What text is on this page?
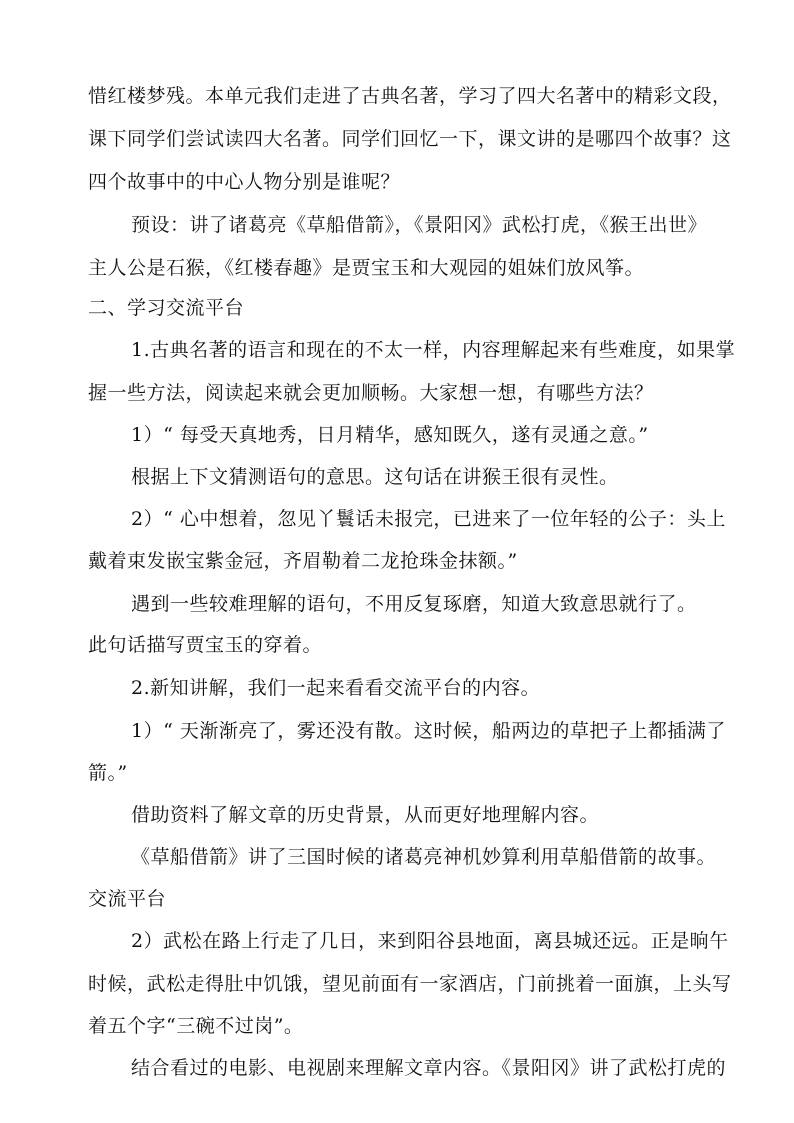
惜红楼梦残。本单元我们走进了古典名著，学习了四大名著中的精彩文段，
课下同学们尝试读四大名著。同学们回忆一下，课文讲的是哪四个故事？这
四个故事中的中心人物分别是谁呢？
预设：讲了诸葛亮《草船借箭》，《景阳冈》武松打虎，《猴王出世》
主人公是石猴，《红楼春趣》是贾宝玉和大观园的姐妹们放风筝。
二、学习交流平台
1.古典名著的语言和现在的不太一样，内容理解起来有些难度，如果掌
握一些方法，阅读起来就会更加顺畅。大家想一想，有哪些方法？
1）“ 每受天真地秀，日月精华，感知既久，遂有灵通之意。”
根据上下文猜测语句的意思。这句话在讲猴王很有灵性。
2）“ 心中想着，忽见丫鬟话未报完，已进来了一位年轻的公子：头上
戴着束发嵌宝紫金冠，齐眉勒着二龙抢珠金抹额。”
遇到一些较难理解的语句，不用反复琢磨，知道大致意思就行了。
此句话描写贾宝玉的穿着。
2.新知讲解，我们一起来看看交流平台的内容。
1）“ 天渐渐亮了，雾还没有散。这时候，船两边的草把子上都插满了
箭。”
借助资料了解文章的历史背景，从而更好地理解内容。
《草船借箭》讲了三国时候的诸葛亮神机妙算利用草船借箭的故事。
交流平台
2）武松在路上行走了几日，来到阳谷县地面，离县城还远。正是晌午
时候，武松走得肚中饥饿，望见前面有一家酒店，门前挑着一面旗，上头写
着五个字“三碗不过岗”。
结合看过的电影、电视剧来理解文章内容。《景阳冈》讲了武松打虎的
